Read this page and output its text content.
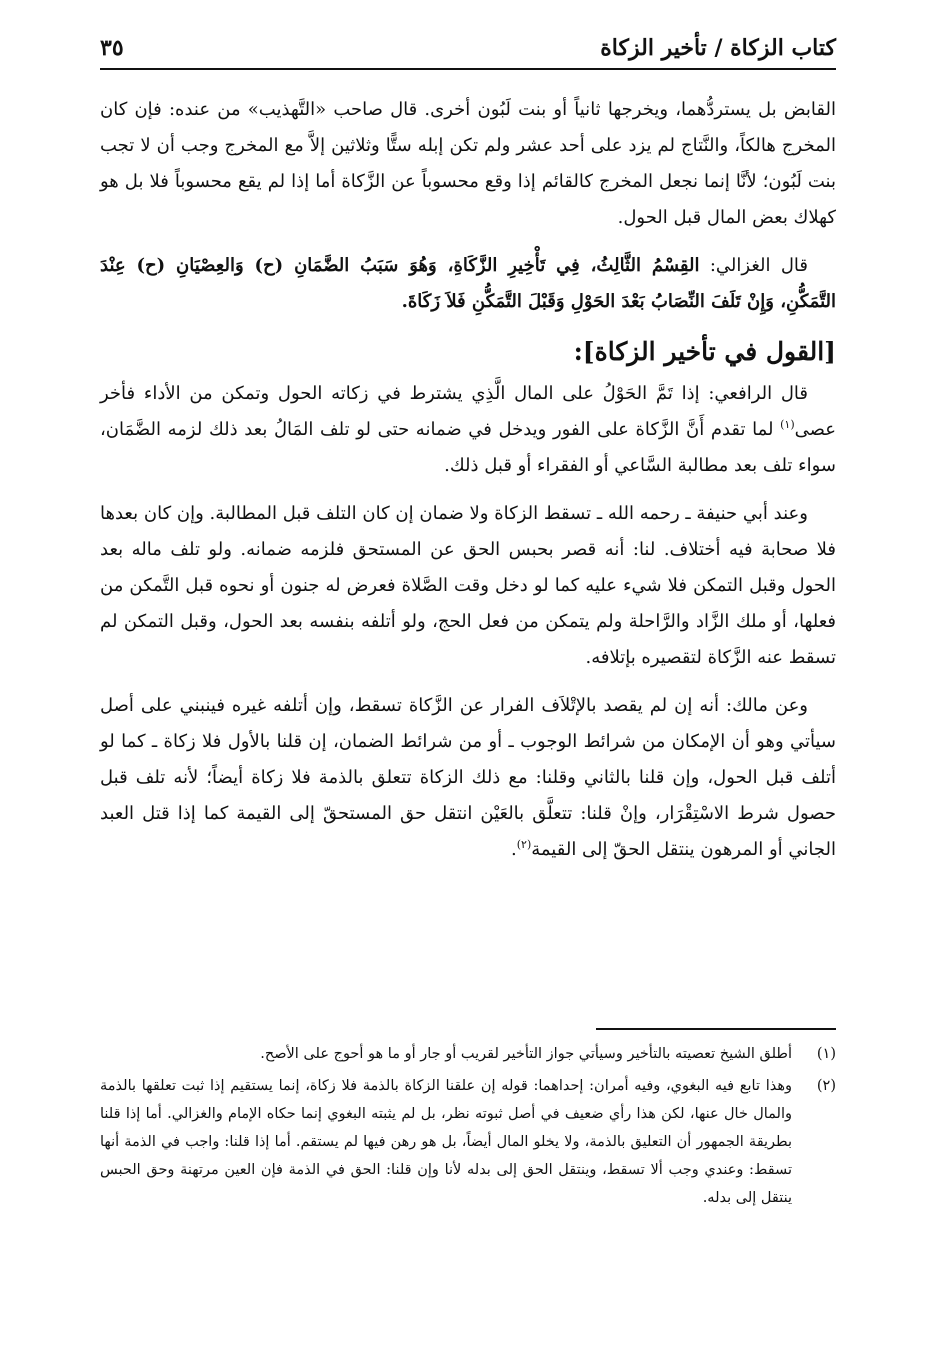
كتاب الزكاة / تأخير الزكاة
٣٥

القابض بل يستردُّهما، ويخرجها ثانياً أو بنت لَبُون أخرى. قال صاحب «التَّهذيب» من عنده: فإن كان المخرج هالكاً، والنَّتاج لم يزد على أحد عشر ولم تكن إبله ستًّا وثلاثين إلاَّ مع المخرج وجب أن لا تجب بنت لَبُون؛ لأنَّا إنما نجعل المخرج كالقائم إذا وقع محسوباً عن الزَّكاة أما إذا لم يقع محسوباً فلا بل هو كهلاك بعض المال قبل الحول.

قال الغزالي: القِسْمُ الثَّالِثُ، فِي تَأْخِيرِ الزَّكَاةِ، وَهُوَ سَبَبُ الضَّمَانِ (ح) وَالعِصْيَانِ (ح) عِنْدَ التَّمَكُّنِ، وَإِنْ تَلَفَ النِّصَابُ بَعْدَ الحَوْلِ وَقَبْلَ التَّمَكُّنِ فَلاَ زَكَاةَ.

[القول في تأخير الزكاة]:

قال الرافعي: إذا تَمَّ الحَوْلُ على المال الَّذِي يشترط في زكاته الحول وتمكن من الأداء فأخر عصى$^{(١)}$ لما تقدم أَنَّ الزَّكاة على الفور ويدخل في ضمانه حتى لو تلف المَالُ بعد ذلك لزمه الضَّمَان، سواء تلف بعد مطالبة السَّاعي أو الفقراء أو قبل ذلك.

وعند أبي حنيفة ـ رحمه الله ـ تسقط الزكاة ولا ضمان إن كان التلف قبل المطالبة. وإن كان بعدها فلا صحابة فيه أختلاف. لنا: أنه قصر بحبس الحق عن المستحق فلزمه ضمانه. ولو تلف ماله بعد الحول وقبل التمكن فلا شيء عليه كما لو دخل وقت الصَّلاة فعرض له جنون أو نحوه قبل التَّمكن من فعلها، أو ملك الزَّاد والرَّاحلة ولم يتمكن من فعل الحج، ولو أتلفه بنفسه بعد الحول، وقبل التمكن لم تسقط عنه الزَّكاة لتقصيره بإتلافه.

وعن مالك: أنه إن لم يقصد بالإتْلاَف الفرار عن الزَّكاة تسقط، وإن أتلفه غيره فينبني على أصل سيأتي وهو أن الإمكان من شرائط الوجوب ـ أو من شرائط الضمان، إن قلنا بالأول فلا زكاة ـ كما لو أتلف قبل الحول، وإن قلنا بالثاني وقلنا: مع ذلك الزكاة تتعلق بالذمة فلا زكاة أيضاً؛ لأنه تلف قبل حصول شرط الاسْتِقْرَار، وإنْ قلنا: تتعلَّق بالعَيْن انتقل حق المستحقّ إلى القيمة كما إذا قتل العبد الجاني أو المرهون ينتقل الحقّ إلى القيمة$^{(٢)}$.

(١)
أطلق الشيخ تعصيته بالتأخير وسيأتي جواز التأخير لقريب أو جار أو ما هو أحوج على الأصح.
(٢)
وهذا تابع فيه البغوي، وفيه أمران: إحداهما: قوله إن علقنا الزكاة بالذمة فلا زكاة، إنما يستقيم إذا ثبت تعلقها بالذمة والمال خال عنها، لكن هذا رأي ضعيف في أصل ثبوته نظر، بل لم يثبته البغوي إنما حكاه الإمام والغزالي. أما إذا قلنا بطريقة الجمهور أن التعليق بالذمة، ولا يخلو المال أيضاً، بل هو رهن فيها لم يستقم. أما إذا قلنا: واجب في الذمة أنها تسقط: وعندي وجب ألا تسقط، وينتقل الحق إلى بدله لأنا وإن قلنا: الحق في الذمة فإن العين مرتهنة وحق الحبس ينتقل إلى بدله.
